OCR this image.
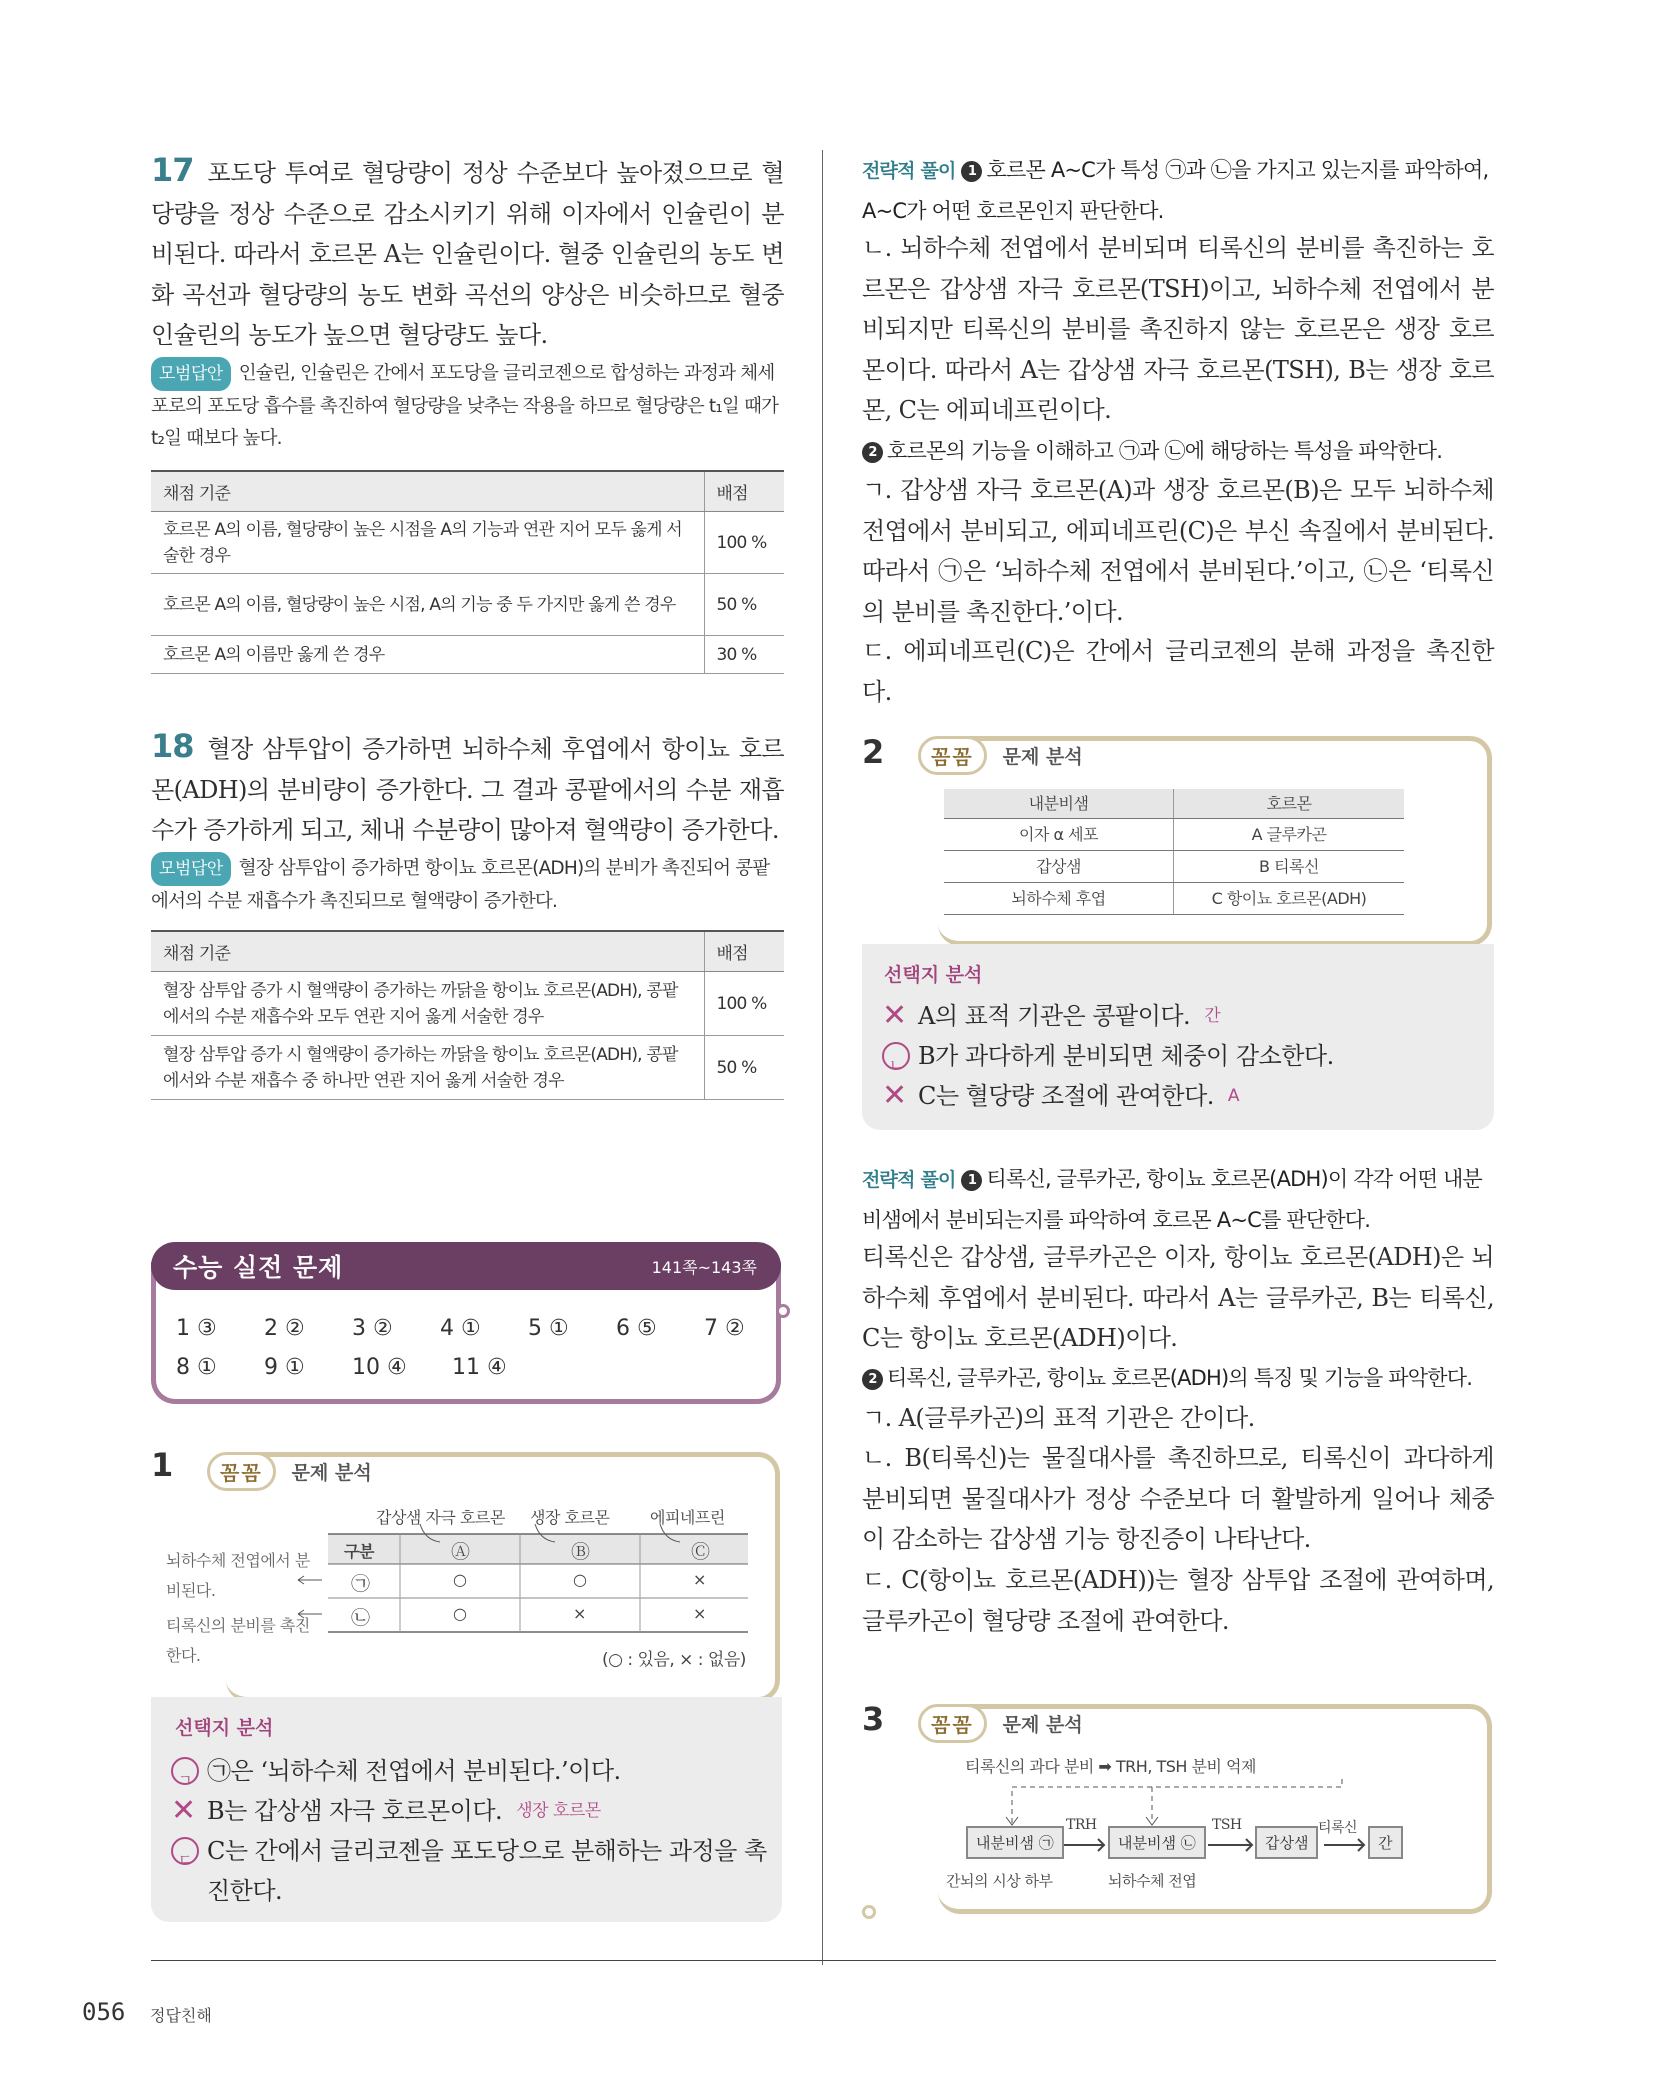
17 포도당 투여로 혈당량이 정상 수준보다 높아졌으므로 혈당량을 정상 수준으로 감소시키기 위해 이자에서 인슐린이 분비된다. 따라서 호르몬 A는 인슐린이다. 혈중 인슐린의 농도 변화 곡선과 혈당량의 농도 변화 곡선의 양상은 비슷하므로 혈중 인슐린의 농도가 높으면 혈당량도 높다.
모범답안 인슐린, 인슐린은 간에서 포도당을 글리코젠으로 합성하는 과정과 체세포로의 포도당 흡수를 촉진하여 혈당량을 낮추는 작용을 하므로 혈당량은 t₁일 때가 t₂일 때보다 높다.
채점 기준	배점
호르몬 A의 이름, 혈당량이 높은 시점을 A의 기능과 연관 지어 모두 옳게 서술한 경우	100 %
호르몬 A의 이름, 혈당량이 높은 시점, A의 기능 중 두 가지만 옳게 쓴 경우	50 %
호르몬 A의 이름만 옳게 쓴 경우	30 %
18 혈장 삼투압이 증가하면 뇌하수체 후엽에서 항이뇨 호르몬(ADH)의 분비량이 증가한다. 그 결과 콩팥에서의 수분 재흡수가 증가하게 되고, 체내 수분량이 많아져 혈액량이 증가한다.
모범답안 혈장 삼투압이 증가하면 항이뇨 호르몬(ADH)의 분비가 촉진되어 콩팥에서의 수분 재흡수가 촉진되므로 혈액량이 증가한다.
채점 기준	배점
혈장 삼투압 증가 시 혈액량이 증가하는 까닭을 항이뇨 호르몬(ADH), 콩팥에서의 수분 재흡수와 모두 연관 지어 옳게 서술한 경우	100 %
혈장 삼투압 증가 시 혈액량이 증가하는 까닭을 항이뇨 호르몬(ADH), 콩팥에서와 수분 재흡수 중 하나만 연관 지어 옳게 서술한 경우	50 %
수능 실전 문제	141쪽~143쪽
1 ③ 2 ② 3 ② 4 ① 5 ① 6 ⑤ 7 ②
8 ① 9 ① 10 ④ 11 ④
1	꼼꼼	문제 분석
갑상샘 자극 호르몬 생장 호르몬	에피네프린
구분	Ⓐ	Ⓑ	Ⓒ
㉠	○	○	×
㉡	○	×	×
뇌하수체 전엽에서 분비된다.
티록신의 분비를 촉진한다.	(○ : 있음, × : 없음)
선택지 분석
ㄱ ㉠은 ‘뇌하수체 전엽에서 분비된다.’이다.
✕ B는 갑상샘 자극 호르몬이다. 생장 호르몬
ㄷ C는 간에서 글리코젠을 포도당으로 분해하는 과정을 촉진한다.
전략적 풀이 1 호르몬 A~C가 특성 ㉠과 ㉡을 가지고 있는지를 파악하여, A~C가 어떤 호르몬인지 판단한다.
ㄴ. 뇌하수체 전엽에서 분비되며 티록신의 분비를 촉진하는 호르몬은 갑상샘 자극 호르몬(TSH)이고, 뇌하수체 전엽에서 분비되지만 티록신의 분비를 촉진하지 않는 호르몬은 생장 호르몬이다. 따라서 A는 갑상샘 자극 호르몬(TSH), B는 생장 호르몬, C는 에피네프린이다.
2 호르몬의 기능을 이해하고 ㉠과 ㉡에 해당하는 특성을 파악한다.
ㄱ. 갑상샘 자극 호르몬(A)과 생장 호르몬(B)은 모두 뇌하수체 전엽에서 분비되고, 에피네프린(C)은 부신 속질에서 분비된다. 따라서 ㉠은 ‘뇌하수체 전엽에서 분비된다.’이고, ㉡은 ‘티록신의 분비를 촉진한다.’이다.
ㄷ. 에피네프린(C)은 간에서 글리코젠의 분해 과정을 촉진한다.
2	꼼꼼	문제 분석
내분비샘	호르몬
이자 α 세포	A 글루카곤
갑상샘	B 티록신
뇌하수체 후엽	C 항이뇨 호르몬(ADH)
선택지 분석
✕ A의 표적 기관은 콩팥이다. 간
ㄴ B가 과다하게 분비되면 체중이 감소한다.
✕ C는 혈당량 조절에 관여한다. A
전략적 풀이 1 티록신, 글루카곤, 항이뇨 호르몬(ADH)이 각각 어떤 내분비샘에서 분비되는지를 파악하여 호르몬 A~C를 판단한다.
티록신은 갑상샘, 글루카곤은 이자, 항이뇨 호르몬(ADH)은 뇌하수체 후엽에서 분비된다. 따라서 A는 글루카곤, B는 티록신, C는 항이뇨 호르몬(ADH)이다.
2 티록신, 글루카곤, 항이뇨 호르몬(ADH)의 특징 및 기능을 파악한다.
ㄱ. A(글루카곤)의 표적 기관은 간이다.
ㄴ. B(티록신)는 물질대사를 촉진하므로, 티록신이 과다하게 분비되면 물질대사가 정상 수준보다 더 활발하게 일어나 체중이 감소하는 갑상샘 기능 항진증이 나타난다.
ㄷ. C(항이뇨 호르몬(ADH))는 혈장 삼투압 조절에 관여하며, 글루카곤이 혈당량 조절에 관여한다.
3	꼼꼼	문제 분석
티록신의 과다 분비 ➡ TRH, TSH 분비 억제
내분비샘 ㉠	내분비샘 ㉡	갑상샘	간
TRH	TSH	티록신
간뇌의 시상 하부	뇌하수체 전엽
056 정답친해
